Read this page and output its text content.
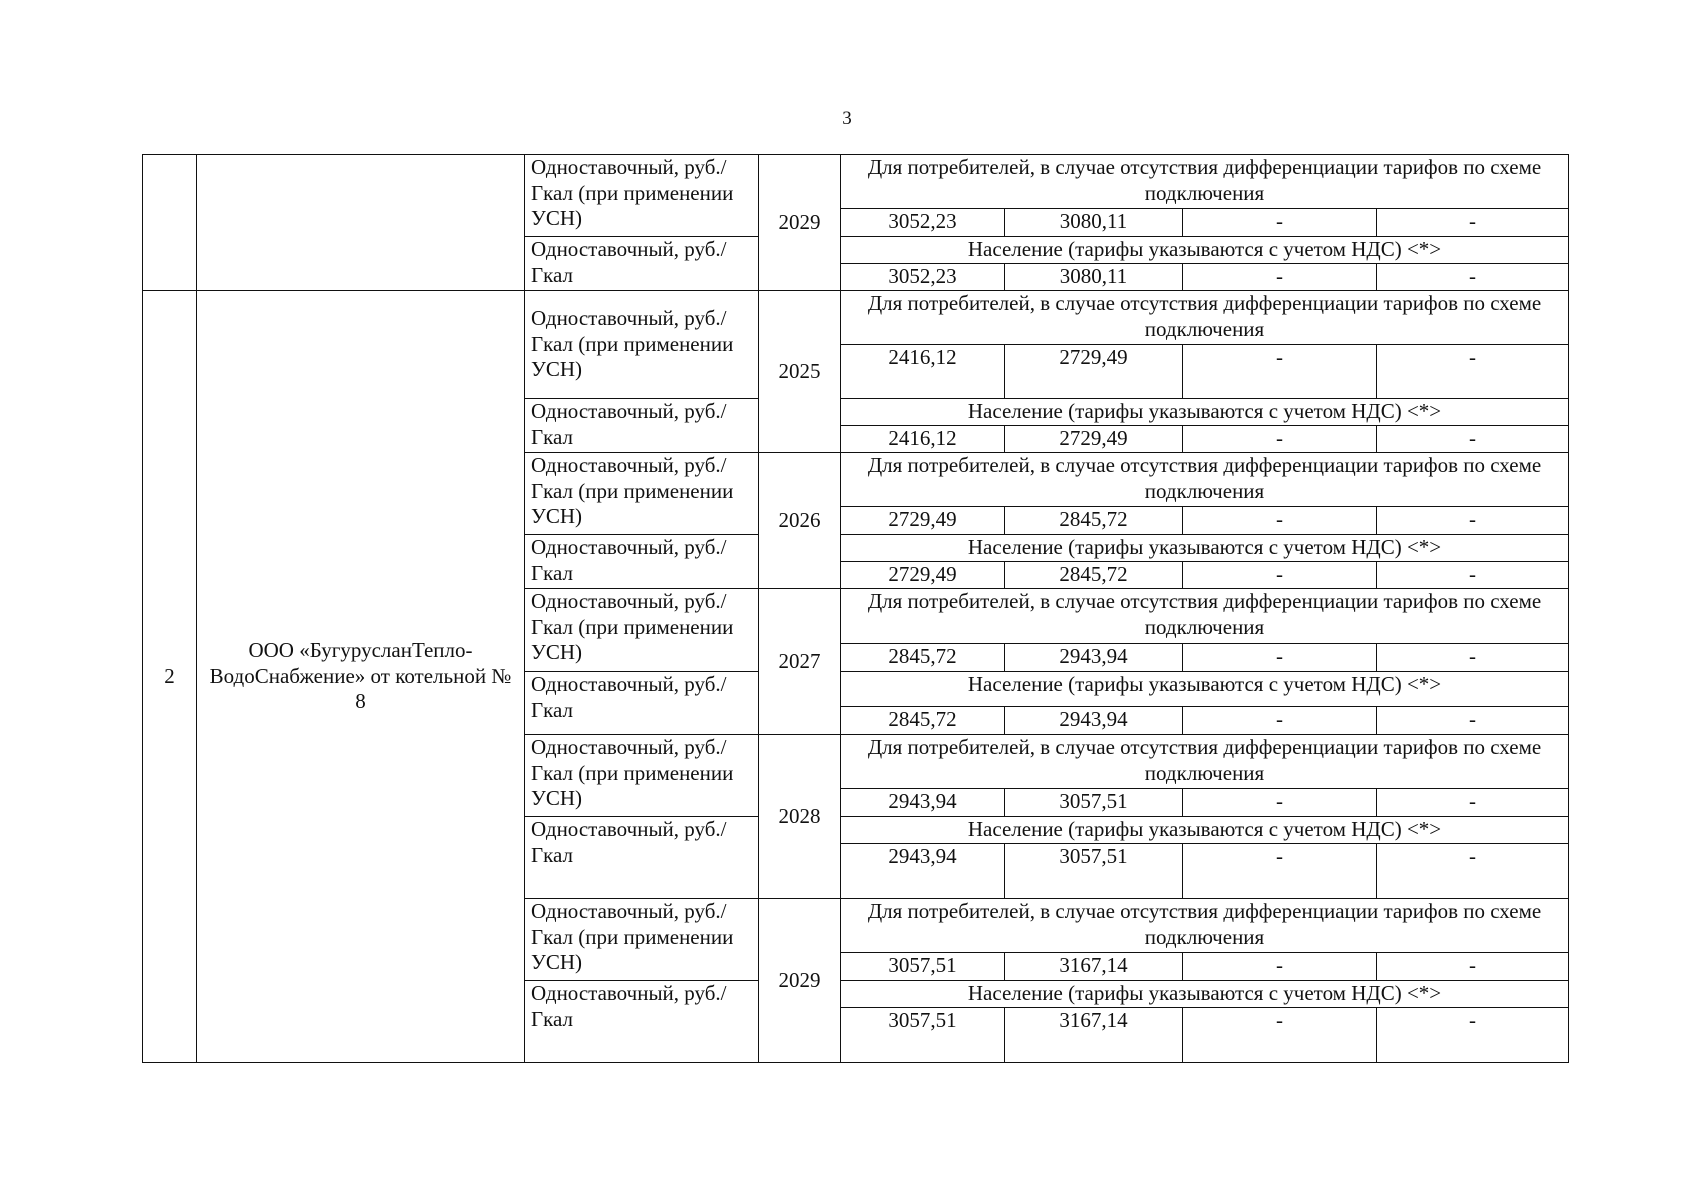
3
		Одноставочный, руб./Гкал (при применении УСН)	2029	Для потребителей, в случае отсутствия дифференциации тарифов по схеме подключения			
				3052,23	3080,11	-	-
		Одноставочный, руб./Гкал		Население (тарифы указываются с учетом НДС) <*>			
				3052,23	3080,11	-	-
2	ООО «БугурусланТепло-ВодоСнабжение» от котельной № 8	Одноставочный, руб./Гкал (при применении УСН)	2025	Для потребителей, в случае отсутствия дифференциации тарифов по схеме подключения			
				2416,12	2729,49	-	-
		Одноставочный, руб./Гкал		Население (тарифы указываются с учетом НДС) <*>			
				2416,12	2729,49	-	-
		Одноставочный, руб./Гкал (при применении УСН)	2026	Для потребителей, в случае отсутствия дифференциации тарифов по схеме подключения			
				2729,49	2845,72	-	-
		Одноставочный, руб./Гкал		Население (тарифы указываются с учетом НДС) <*>			
				2729,49	2845,72	-	-
		Одноставочный, руб./Гкал (при применении УСН)	2027	Для потребителей, в случае отсутствия дифференциации тарифов по схеме подключения			
				2845,72	2943,94	-	-
		Одноставочный, руб./Гкал		Население (тарифы указываются с учетом НДС) <*>			
				2845,72	2943,94	-	-
		Одноставочный, руб./Гкал (при применении УСН)	2028	Для потребителей, в случае отсутствия дифференциации тарифов по схеме подключения			
				2943,94	3057,51	-	-
		Одноставочный, руб./Гкал		Население (тарифы указываются с учетом НДС) <*>			
				2943,94	3057,51	-	-
		Одноставочный, руб./Гкал (при применении УСН)	2029	Для потребителей, в случае отсутствия дифференциации тарифов по схеме подключения			
				3057,51	3167,14	-	-
		Одноставочный, руб./Гкал		Население (тарифы указываются с учетом НДС) <*>			
				3057,51	3167,14	-	-
